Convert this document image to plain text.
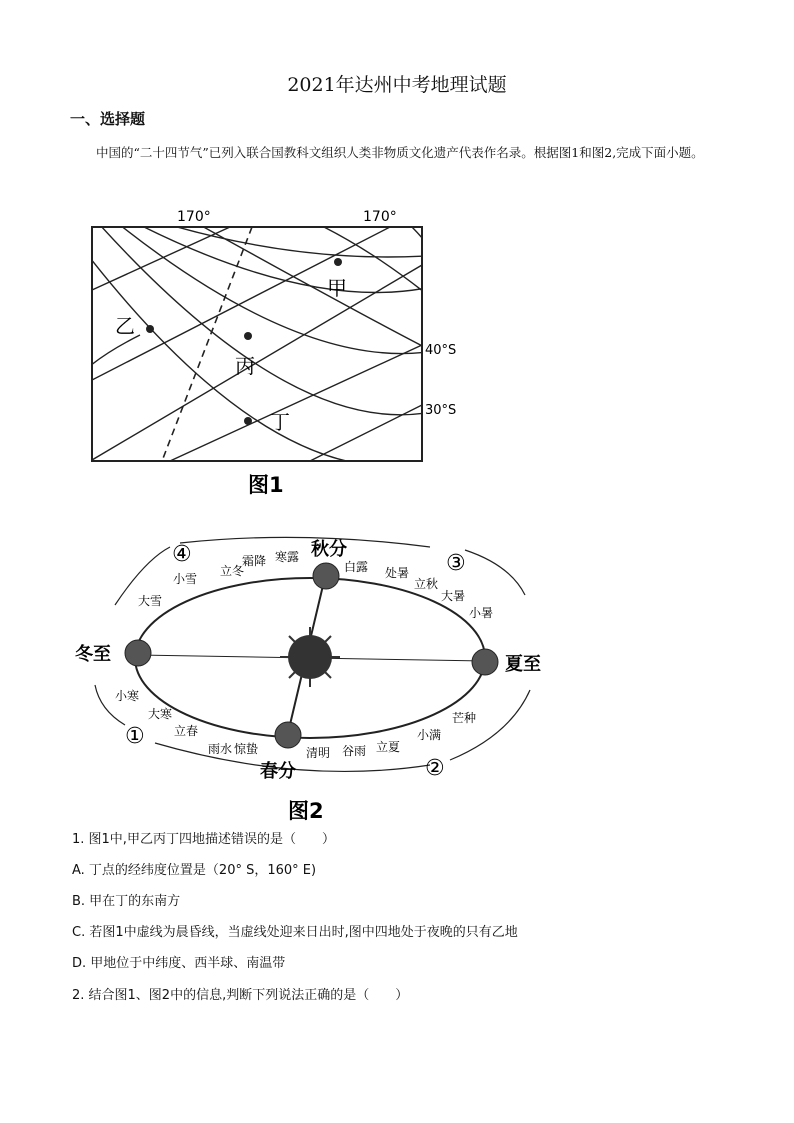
2021年达州中考地理试题
一、选择题
中国的“二十四节气”已列入联合国教科文组织人类非物质文化遗产代表作名录。根据图1和图2,完成下面小题。
甲
乙
丙
丁
170°	170°
40°S
30°S
图1
冬至	夏至
秋分
春分
立冬
霜降 寒露
白露 处暑
立秋
大暑
小暑
小雪
大雪
小寒
大寒
立春
雨水 惊蛰	清明 谷雨 立夏
小满
芒种
①
②
③
④
图2
1. 图1中,甲乙丙丁四地描述错误的是（　　）
A. 丁点的经纬度位置是（20° S，160° E)
B. 甲在丁的东南方
C. 若图1中虚线为晨昏线，当虚线处迎来日出时,图中四地处于夜晚的只有乙地
D. 甲地位于中纬度、西半球、南温带
2. 结合图1、图2中的信息,判断下列说法正确的是（　　）
